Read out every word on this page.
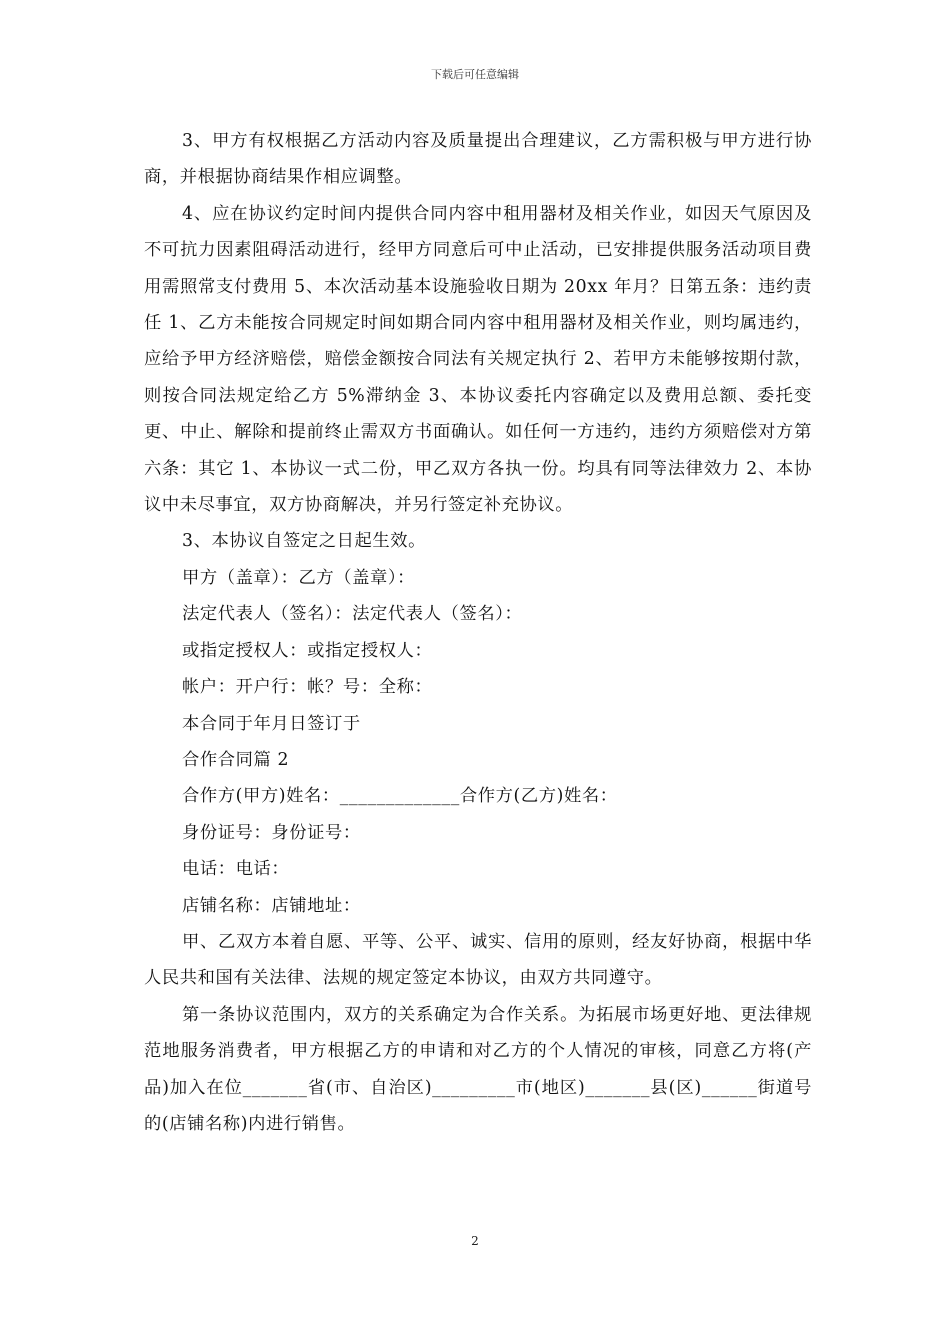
下载后可任意编辑

3、甲方有权根据乙方活动内容及质量提出合理建议，乙方需积极与甲方进行协商，并根据协商结果作相应调整。

4、应在协议约定时间内提供合同内容中租用器材及相关作业，如因天气原因及不可抗力因素阻碍活动进行，经甲方同意后可中止活动，已安排提供服务活动项目费用需照常支付费用 5、本次活动基本设施验收日期为 20xx 年月？日第五条：违约责任 1、乙方未能按合同规定时间如期合同内容中租用器材及相关作业，则均属违约，应给予甲方经济赔偿，赔偿金额按合同法有关规定执行 2、若甲方未能够按期付款，则按合同法规定给乙方 5%滞纳金 3、本协议委托内容确定以及费用总额、委托变更、中止、解除和提前终止需双方书面确认。如任何一方违约，违约方须赔偿对方第六条：其它 1、本协议一式二份，甲乙双方各执一份。均具有同等法律效力 2、本协议中未尽事宜，双方协商解决，并另行签定补充协议。

3、本协议自签定之日起生效。

甲方（盖章）：乙方（盖章）：

法定代表人（签名）：法定代表人（签名）：

或指定授权人：或指定授权人：

帐户：开户行：帐？号：全称：

本合同于年月日签订于

合作合同篇 2

合作方(甲方)姓名：_____________合作方(乙方)姓名：

身份证号：身份证号：

电话：电话：

店铺名称：店铺地址：

甲、乙双方本着自愿、平等、公平、诚实、信用的原则，经友好协商，根据中华人民共和国有关法律、法规的规定签定本协议，由双方共同遵守。

第一条协议范围内，双方的关系确定为合作关系。为拓展市场更好地、更法律规范地服务消费者，甲方根据乙方的申请和对乙方的个人情况的审核，同意乙方将(产品)加入在位_______省(市、自治区)_________市(地区)_______县(区)______街道号的(店铺名称)内进行销售。

2
